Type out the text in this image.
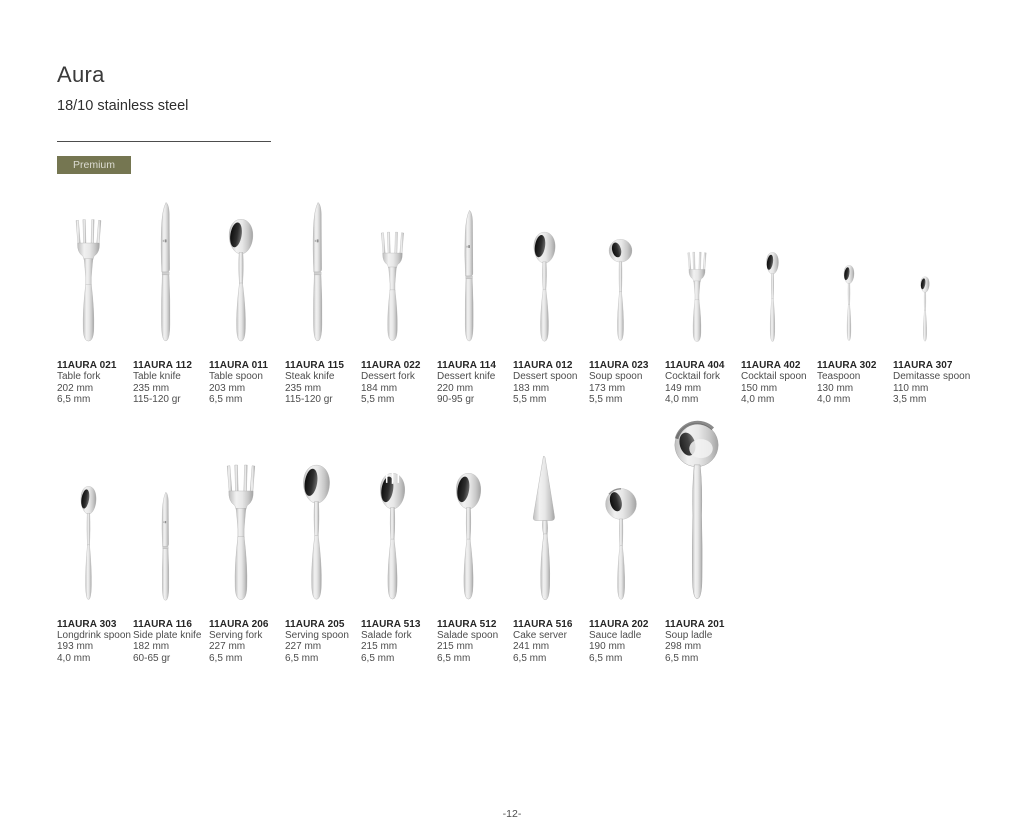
Aura
18/10 stainless steel
Premium
11AURA 021
Table fork
202 mm
6,5 mm
11AURA 112
Table knife
235 mm
115-120 gr
11AURA 011
Table spoon
203 mm
6,5 mm
11AURA 115
Steak knife
235 mm
115-120 gr
11AURA 022
Dessert fork
184 mm
5,5 mm
11AURA 114
Dessert knife
220 mm
90-95 gr
11AURA 012
Dessert spoon
183 mm
5,5 mm
11AURA 023
Soup spoon
173 mm
5,5 mm
11AURA 404
Cocktail fork
149 mm
4,0 mm
11AURA 402
Cocktail spoon
150 mm
4,0 mm
11AURA 302
Teaspoon
130 mm
4,0 mm
11AURA 307
Demitasse spoon
110 mm
3,5 mm
11AURA 303
Longdrink spoon
193 mm
4,0 mm
11AURA 116
Side plate knife
182 mm
60-65 gr
11AURA 206
Serving fork
227 mm
6,5 mm
11AURA 205
Serving spoon
227 mm
6,5 mm
11AURA 513
Salade fork
215 mm
6,5 mm
11AURA 512
Salade spoon
215 mm
6,5 mm
11AURA 516
Cake server
241 mm
6,5 mm
11AURA 202
Sauce ladle
190 mm
6,5 mm
11AURA 201
Soup ladle
298 mm
6,5 mm
-12-
